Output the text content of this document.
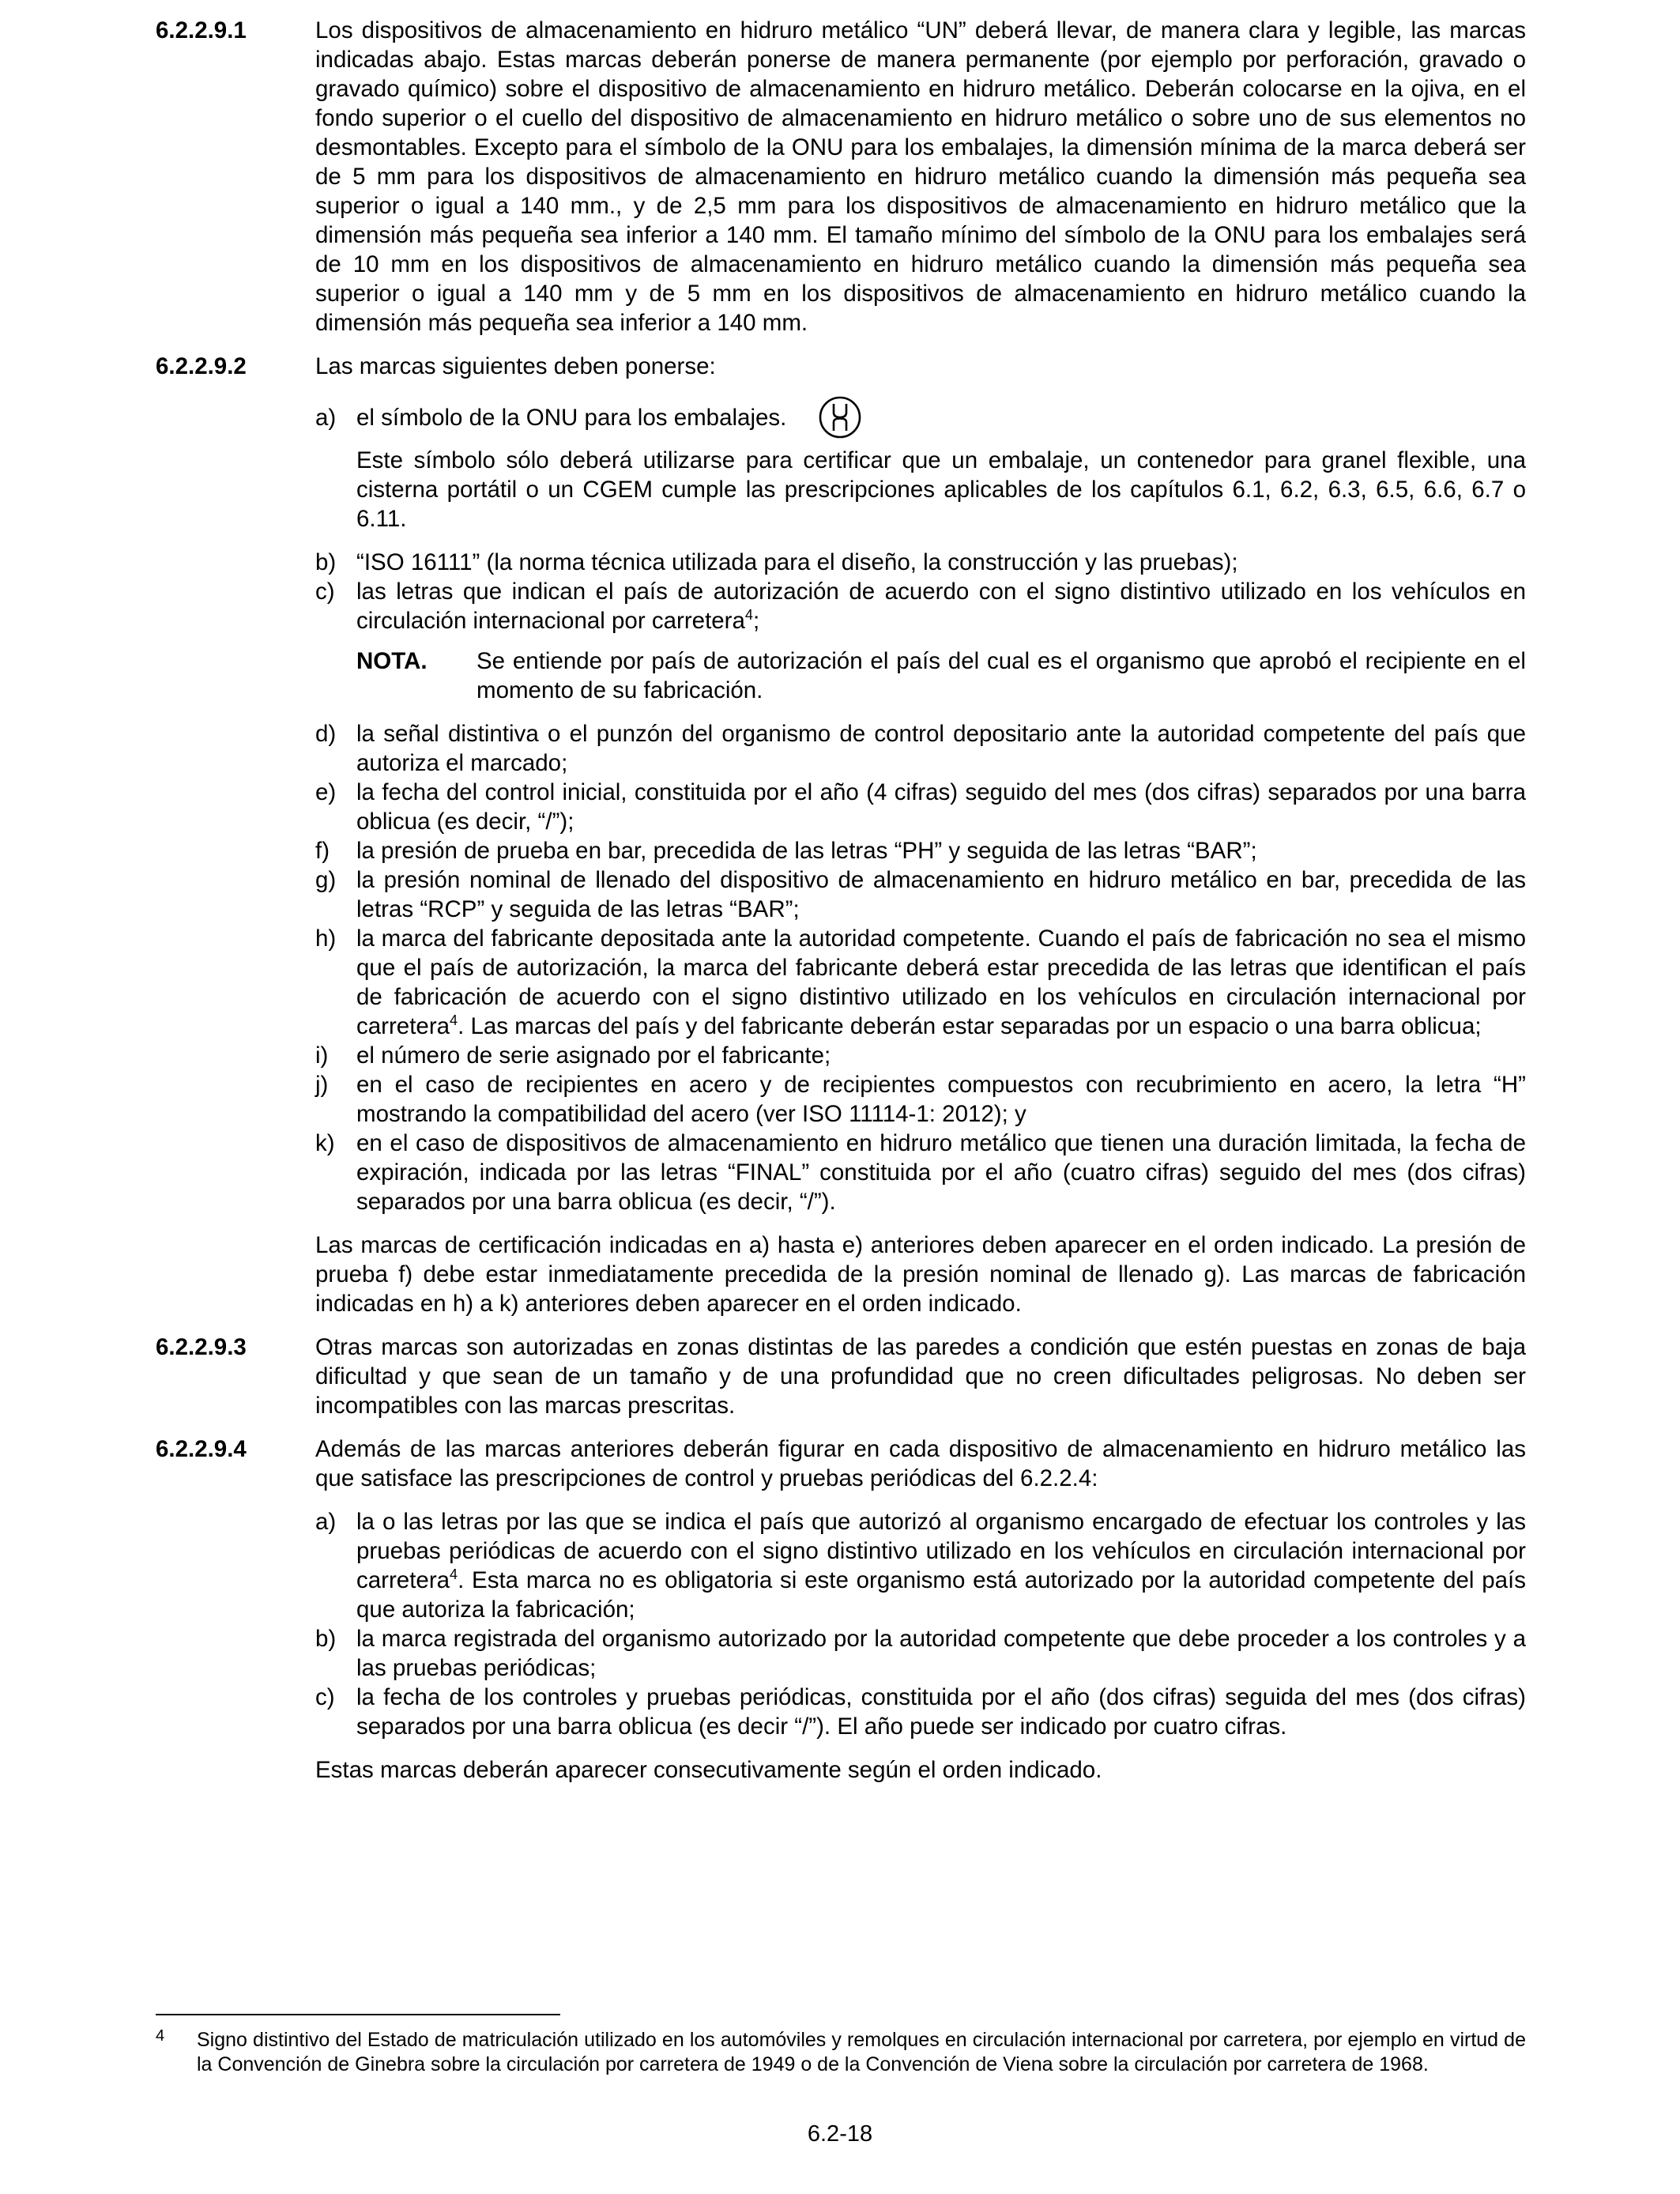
6.2.2.9.1	Los dispositivos de almacenamiento en hidruro metálico “UN” deberá llevar, de manera clara y legible, las marcas indicadas abajo. Estas marcas deberán ponerse de manera permanente (por ejemplo por perforación, gravado o gravado químico) sobre el dispositivo de almacenamiento en hidruro metálico. Deberán colocarse en la ojiva, en el fondo superior o el cuello del dispositivo de almacenamiento en hidruro metálico o sobre uno de sus elementos no desmontables. Excepto para el símbolo de la ONU para los embalajes, la dimensión mínima de la marca deberá ser de 5 mm para los dispositivos de almacenamiento en hidruro metálico cuando la dimensión más pequeña sea superior o igual a 140 mm., y de 2,5 mm para los dispositivos de almacenamiento en hidruro metálico que la dimensión más pequeña sea inferior a 140 mm. El tamaño mínimo del símbolo de la ONU para los embalajes será de 10 mm en los dispositivos de almacenamiento en hidruro metálico cuando la dimensión más pequeña sea superior o igual a 140 mm y de 5 mm en los dispositivos de almacenamiento en hidruro metálico cuando la dimensión más pequeña sea inferior a 140 mm.

6.2.2.9.2	Las marcas siguientes deben ponerse:

a) el símbolo de la ONU para los embalajes.

Este símbolo sólo deberá utilizarse para certificar que un embalaje, un contenedor para granel flexible, una cisterna portátil o un CGEM cumple las prescripciones aplicables de los capítulos 6.1, 6.2, 6.3, 6.5, 6.6, 6.7 o 6.11.

b) “ISO 16111” (la norma técnica utilizada para el diseño, la construcción y las pruebas);
c) las letras que indican el país de autorización de acuerdo con el signo distintivo utilizado en los vehículos en circulación internacional por carretera$^4$;
NOTA.	Se entiende por país de autorización el país del cual es el organismo que aprobó el recipiente en el momento de su fabricación.
d) la señal distintiva o el punzón del organismo de control depositario ante la autoridad competente del país que autoriza el marcado;
e) la fecha del control inicial, constituida por el año (4 cifras) seguido del mes (dos cifras) separados por una barra oblicua (es decir, “/”);
f)	la presión de prueba en bar, precedida de las letras “PH” y seguida de las letras “BAR”;
g) la presión nominal de llenado del dispositivo de almacenamiento en hidruro metálico en bar, precedida de las letras “RCP” y seguida de las letras “BAR”;
h) la marca del fabricante depositada ante la autoridad competente. Cuando el país de fabricación no sea el mismo que el país de autorización, la marca del fabricante deberá estar precedida de las letras que identifican el país de fabricación de acuerdo con el signo distintivo utilizado en los vehículos en circulación internacional por carretera$^4$. Las marcas del país y del fabricante deberán estar separadas por un espacio o una barra oblicua;
i)	el número de serie asignado por el fabricante;
j)	en el caso de recipientes en acero y de recipientes compuestos con recubrimiento en acero, la letra “H” mostrando la compatibilidad del acero (ver ISO 11114-1: 2012); y
k) en el caso de dispositivos de almacenamiento en hidruro metálico que tienen una duración limitada, la fecha de expiración, indicada por las letras “FINAL” constituida por el año (cuatro cifras) seguido del mes (dos cifras) separados por una barra oblicua (es decir, “/”).

Las marcas de certificación indicadas en a) hasta e) anteriores deben aparecer en el orden indicado. La presión de prueba f) debe estar inmediatamente precedida de la presión nominal de llenado g). Las marcas de fabricación indicadas en h) a k) anteriores deben aparecer en el orden indicado.

6.2.2.9.3	Otras marcas son autorizadas en zonas distintas de las paredes a condición que estén puestas en zonas de baja dificultad y que sean de un tamaño y de una profundidad que no creen dificultades peligrosas. No deben ser incompatibles con las marcas prescritas.

6.2.2.9.4	Además de las marcas anteriores deberán figurar en cada dispositivo de almacenamiento en hidruro metálico las que satisface las prescripciones de control y pruebas periódicas del 6.2.2.4:

a) la o las letras por las que se indica el país que autorizó al organismo encargado de efectuar los controles y las pruebas periódicas de acuerdo con el signo distintivo utilizado en los vehículos en circulación internacional por carretera$^4$. Esta marca no es obligatoria si este organismo está autorizado por la autoridad competente del país que autoriza la fabricación;
b) la marca registrada del organismo autorizado por la autoridad competente que debe proceder a los controles y a las pruebas periódicas;
c) la fecha de los controles y pruebas periódicas, constituida por el año (dos cifras) seguida del mes (dos cifras) separados por una barra oblicua (es decir “/”). El año puede ser indicado por cuatro cifras.

Estas marcas deberán aparecer consecutivamente según el orden indicado.

4	Signo distintivo del Estado de matriculación utilizado en los automóviles y remolques en circulación internacional por carretera, por ejemplo en virtud de la Convención de Ginebra sobre la circulación por carretera de 1949 o de la Convención de Viena sobre la circulación por carretera de 1968.
6.2-18
